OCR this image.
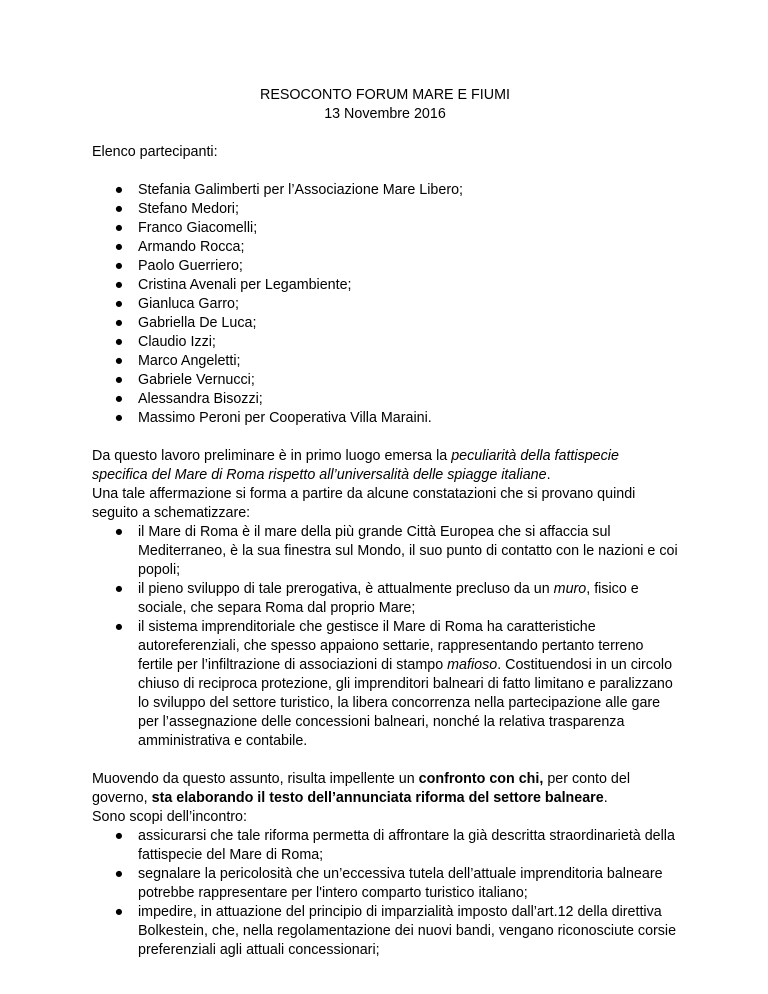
RESOCONTO FORUM MARE E FIUMI

13 Novembre 2016

Elenco partecipanti:

● Stefania Galimberti per l’Associazione Mare Libero;
● Stefano Medori;
● Franco Giacomelli;
● Armando Rocca;
● Paolo Guerriero;
● Cristina Avenali per Legambiente;
● Gianluca Garro;
● Gabriella De Luca;
● Claudio Izzi;
● Marco Angeletti;
● Gabriele Vernucci;
● Alessandra Bisozzi;
● Massimo Peroni per Cooperativa Villa Maraini.

Da questo lavoro preliminare è in primo luogo emersa la peculiarità della fattispecie specifica del Mare di Roma rispetto all’universalità delle spiagge italiane.

Una tale affermazione si forma a partire da alcune constatazioni che si provano quindi seguito a schematizzare:

● il Mare di Roma è il mare della più grande Città Europea che si affaccia sul Mediterraneo, è la sua finestra sul Mondo, il suo punto di contatto con le nazioni e coi popoli;
● il pieno sviluppo di tale prerogativa, è attualmente precluso da un muro, fisico e sociale, che separa Roma dal proprio Mare;
● il sistema imprenditoriale che gestisce il Mare di Roma ha caratteristiche autoreferenziali, che spesso appaiono settarie, rappresentando pertanto terreno fertile per l’infiltrazione di associazioni di stampo mafioso. Costituendosi in un circolo chiuso di reciproca protezione, gli imprenditori balneari di fatto limitano e paralizzano lo sviluppo del settore turistico, la libera concorrenza nella partecipazione alle gare per l’assegnazione delle concessioni balneari, nonché la relativa trasparenza amministrativa e contabile.

Muovendo da questo assunto, risulta impellente un confronto con chi, per conto del governo, sta elaborando il testo dell’annunciata riforma del settore balneare.

Sono scopi dell’incontro:

● assicurarsi che tale riforma permetta di affrontare la già descritta straordinarietà della fattispecie del Mare di Roma;
● segnalare la pericolosità che un’eccessiva tutela dell’attuale imprenditoria balneare potrebbe rappresentare per l'intero comparto turistico italiano;
● impedire, in attuazione del principio di imparzialità imposto dall’art.12 della direttiva Bolkestein, che, nella regolamentazione dei nuovi bandi, vengano riconosciute corsie preferenziali agli attuali concessionari;
